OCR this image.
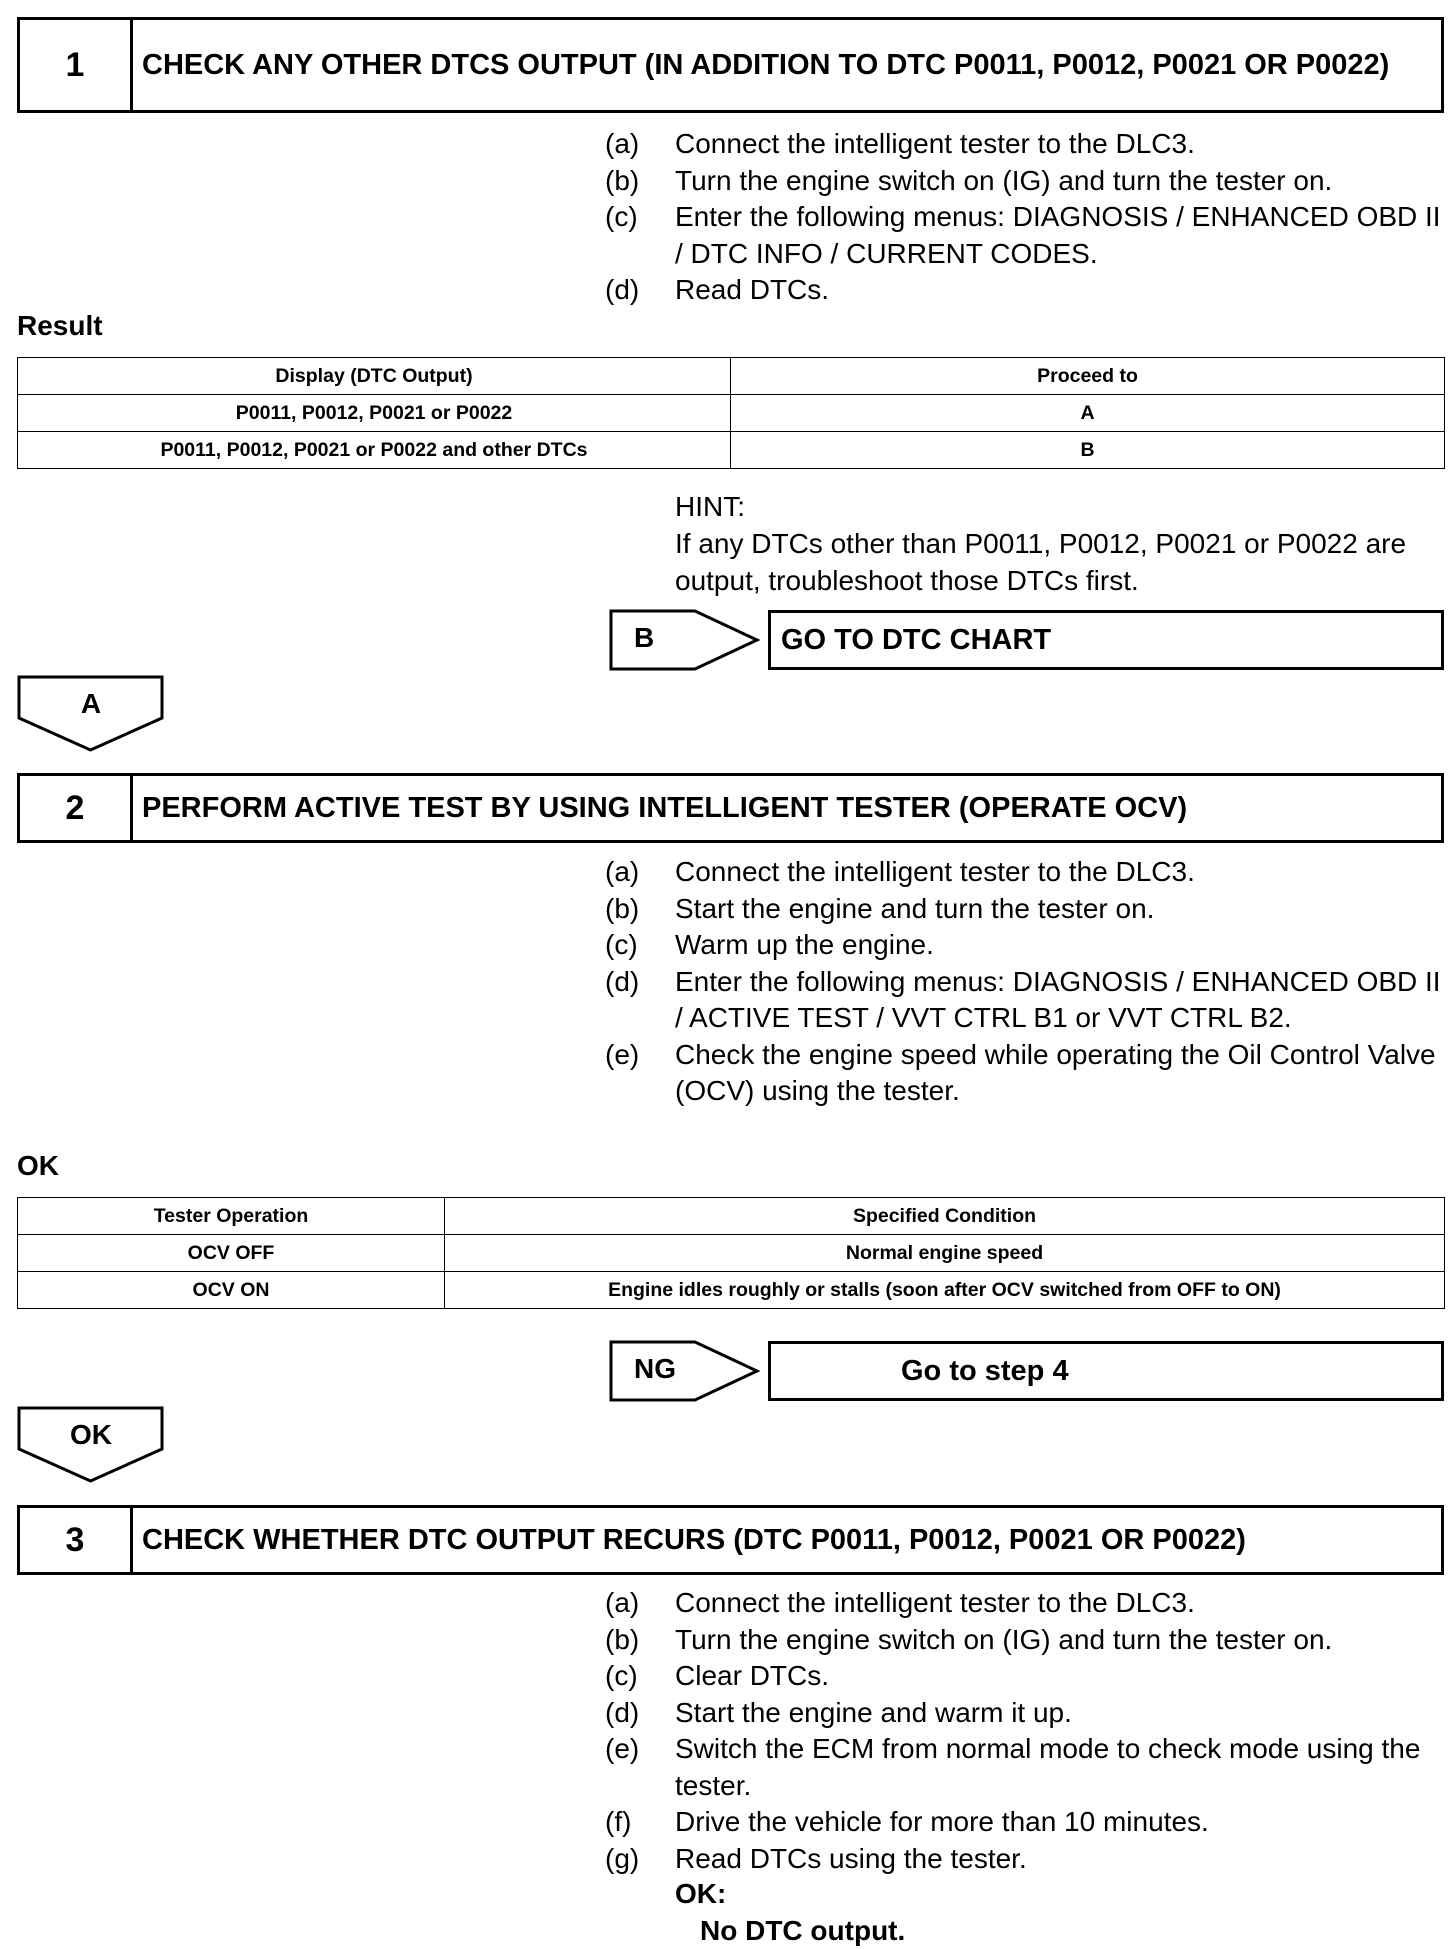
1	CHECK ANY OTHER DTCS OUTPUT (IN ADDITION TO DTC P0011, P0012, P0021 OR P0022)
(a)	Connect the intelligent tester to the DLC3.
(b)	Turn the engine switch on (IG) and turn the tester on.
(c)	Enter the following menus: DIAGNOSIS / ENHANCED OBD II / DTC INFO / CURRENT CODES.
(d)	Read DTCs.
Result
Display (DTC Output)	Proceed to
P0011, P0012, P0021 or P0022	A
P0011, P0012, P0021 or P0022 and other DTCs	B
HINT:
If any DTCs other than P0011, P0012, P0021 or P0022 are output, troubleshoot those DTCs first.
B	GO TO DTC CHART
A
2	PERFORM ACTIVE TEST BY USING INTELLIGENT TESTER (OPERATE OCV)
(a)	Connect the intelligent tester to the DLC3.
(b)	Start the engine and turn the tester on.
(c)	Warm up the engine.
(d)	Enter the following menus: DIAGNOSIS / ENHANCED OBD II / ACTIVE TEST / VVT CTRL B1 or VVT CTRL B2.
(e)	Check the engine speed while operating the Oil Control Valve (OCV) using the tester.
OK
Tester Operation	Specified Condition
OCV OFF	Normal engine speed
OCV ON	Engine idles roughly or stalls (soon after OCV switched from OFF to ON)
NG	Go to step 4
OK
3	CHECK WHETHER DTC OUTPUT RECURS (DTC P0011, P0012, P0021 OR P0022)
(a)	Connect the intelligent tester to the DLC3.
(b)	Turn the engine switch on (IG) and turn the tester on.
(c)	Clear DTCs.
(d)	Start the engine and warm it up.
(e)	Switch the ECM from normal mode to check mode using the tester.
(f)	Drive the vehicle for more than 10 minutes.
(g)	Read DTCs using the tester.
OK:
No DTC output.
